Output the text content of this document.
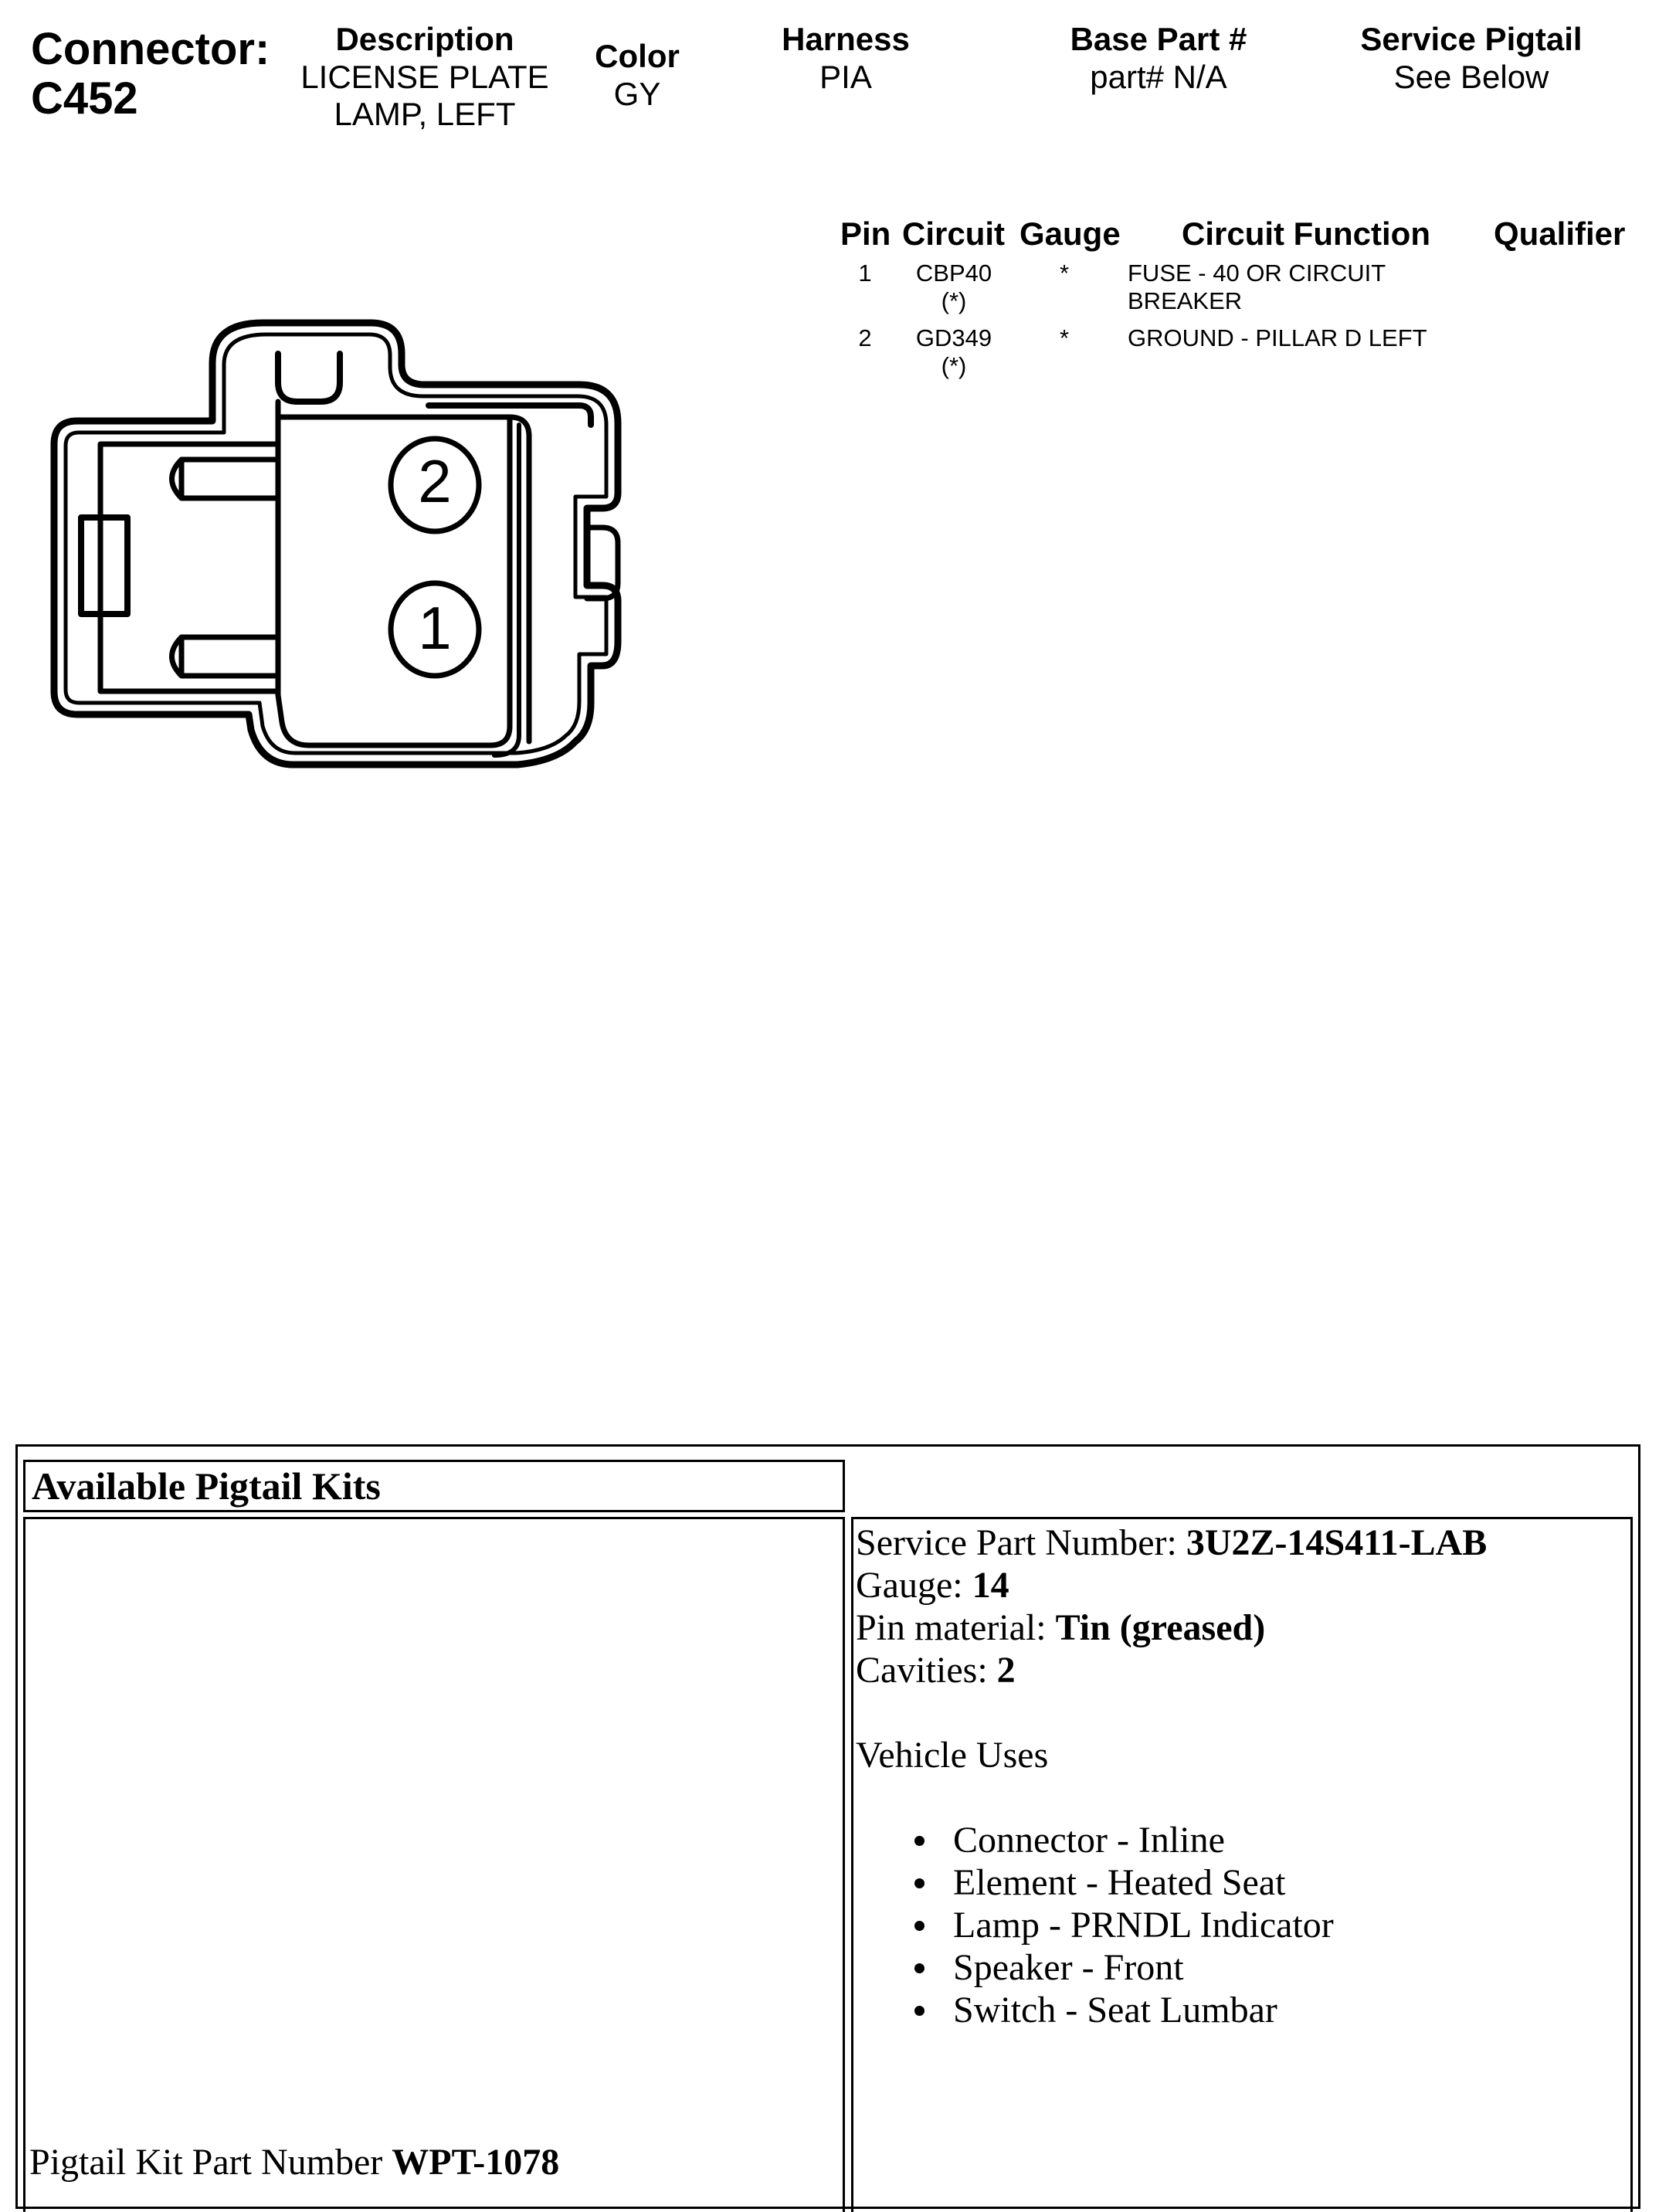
Connector:
C452
Description
LICENSE PLATE
LAMP, LEFT
Color
GY
Harness
PIA
Base Part #
part# N/A
Service Pigtail
See Below
Pin Circuit Gauge Circuit Function Qualifier
1	CBP40
(*)
* FUSE - 40 OR CIRCUIT
BREAKER
2	GD349
(*)
* GROUND - PILLAR D LEFT
2
1
Available Pigtail Kits
Pigtail Kit Part Number WPT-1078
Service Part Number: 3U2Z-14S411-LAB
Gauge: 14
Pin material: Tin (greased)
Cavities: 2
Vehicle Uses
Connector - Inline
Element - Heated Seat
Lamp - PRNDL Indicator
Speaker - Front
Switch - Seat Lumbar
